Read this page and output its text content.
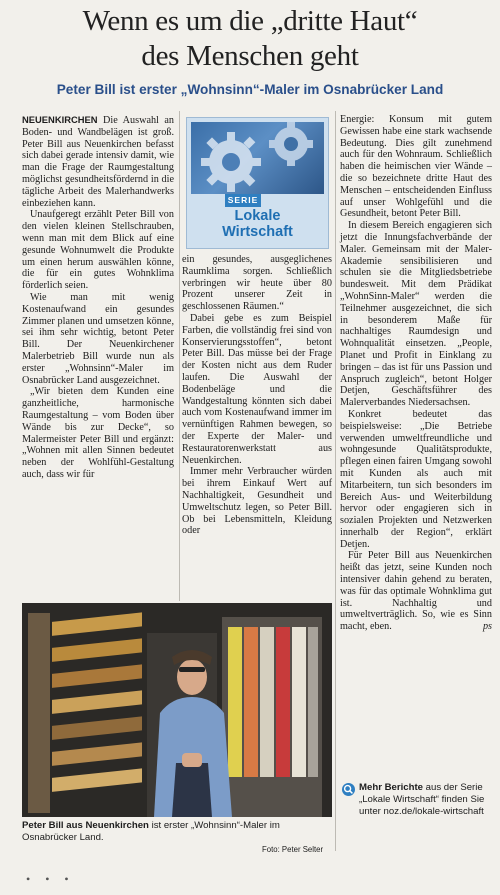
Wenn es um die „dritte Haut“
des Menschen geht
Peter Bill ist erster „Wohnsinn“-Maler im Osnabrücker Land

NEUENKIRCHEN Die Auswahl an Boden- und Wandbelägen ist groß. Peter Bill aus Neuenkirchen befasst sich dabei gerade intensiv damit, wie man die Frage der Raumgestaltung möglichst gesundheitsfördernd in die tägliche Arbeit des Malerhandwerks einbeziehen kann.

Unaufgeregt erzählt Peter Bill von den vielen kleinen Stellschrauben, wenn man mit dem Blick auf eine gesunde Wohnumwelt die Produkte um einen herum auswählen könne, die für ein gutes Wohnklima förderlich seien.

Wie man mit wenig Kostenaufwand ein gesundes Zimmer planen und umsetzen könne, sei ihm sehr wichtig, betont Peter Bill. Der Neuenkirchener Malerbetrieb Bill wurde nun als erster „Wohnsinn“-Maler im Osnabrücker Land ausgezeichnet.

„Wir bieten dem Kunden eine ganzheitliche, harmonische Raumgestaltung – vom Boden über Wände bis zur Decke“, so Malermeister Peter Bill und ergänzt: „Wohnen mit allen Sinnen bedeutet neben der Wohlfühl-Gestaltung auch, dass wir für

SERIE
Lokale
Wirtschaft

ein gesundes, ausgeglichenes Raumklima sorgen. Schließlich verbringen wir heute über 80 Prozent unserer Zeit in geschlossenen Räumen.“

Dabei gebe es zum Beispiel Farben, die vollständig frei sind von Konservierungsstoffen“, betont Peter Bill. Das müsse bei der Frage der Kosten nicht aus dem Ruder laufen. Die Auswahl der Bodenbeläge und die Wandgestaltung könnten sich dabei auch vom Kostenaufwand immer im vernünftigen Rahmen bewegen, so der Experte der Maler- und Restauratorenwerkstatt aus Neuenkirchen.

Immer mehr Verbraucher würden bei ihrem Einkauf Wert auf Nachhaltigkeit, Gesundheit und Umweltschutz legen, so Peter Bill. Ob bei Lebensmitteln, Kleidung oder

Energie: Konsum mit gutem Gewissen habe eine stark wachsende Bedeutung. Dies gilt zunehmend auch für den Wohnraum. Schließlich haben die heimischen vier Wände – die so bezeichnete dritte Haut des Menschen – entscheidenden Einfluss auf unser Wohlgefühl und die Gesundheit, betont Peter Bill.

In diesem Bereich engagieren sich jetzt die Innungsfachverbände der Maler. Gemeinsam mit der Maler-Akademie sensibilisieren und schulen sie die Mitgliedsbetriebe bundesweit. Mit dem Prädikat „WohnSinn-Maler“ werden die Teilnehmer ausgezeichnet, die sich in besonderem Maße für nachhaltiges Raumdesign und Wohnqualität einsetzen. „People, Planet und Profit in Einklang zu bringen – das ist für uns Passion und Anspruch zugleich“, betont Holger Detjen, Geschäftsführer des Malerverbandes Niedersachsen.

Konkret bedeutet das beispielsweise: „Die Betriebe verwenden umweltfreundliche und wohngesunde Qualitätsprodukte, pflegen einen fairen Umgang sowohl mit Kunden als auch mit Mitarbeitern, tun sich besonders im Bereich Aus- und Weiterbildung hervor oder engagieren sich in sozialen Projekten und Netzwerken innerhalb der Region“, erklärt Detjen.

Für Peter Bill aus Neuenkirchen heißt das jetzt, seine Kunden noch intensiver dahin gehend zu beraten, was für das optimale Wohnklima gut ist. Nachhaltig und umweltverträglich. So, wie es Sinn macht, eben.	ps

Peter Bill aus Neuenkirchen ist erster „Wohnsinn“-Maler im Osnabrücker Land.
Foto: Peter Selter
Mehr Berichte aus der Serie „Lokale Wirtschaft“ finden Sie unter noz.de/lokale-wirtschaft
• • •
